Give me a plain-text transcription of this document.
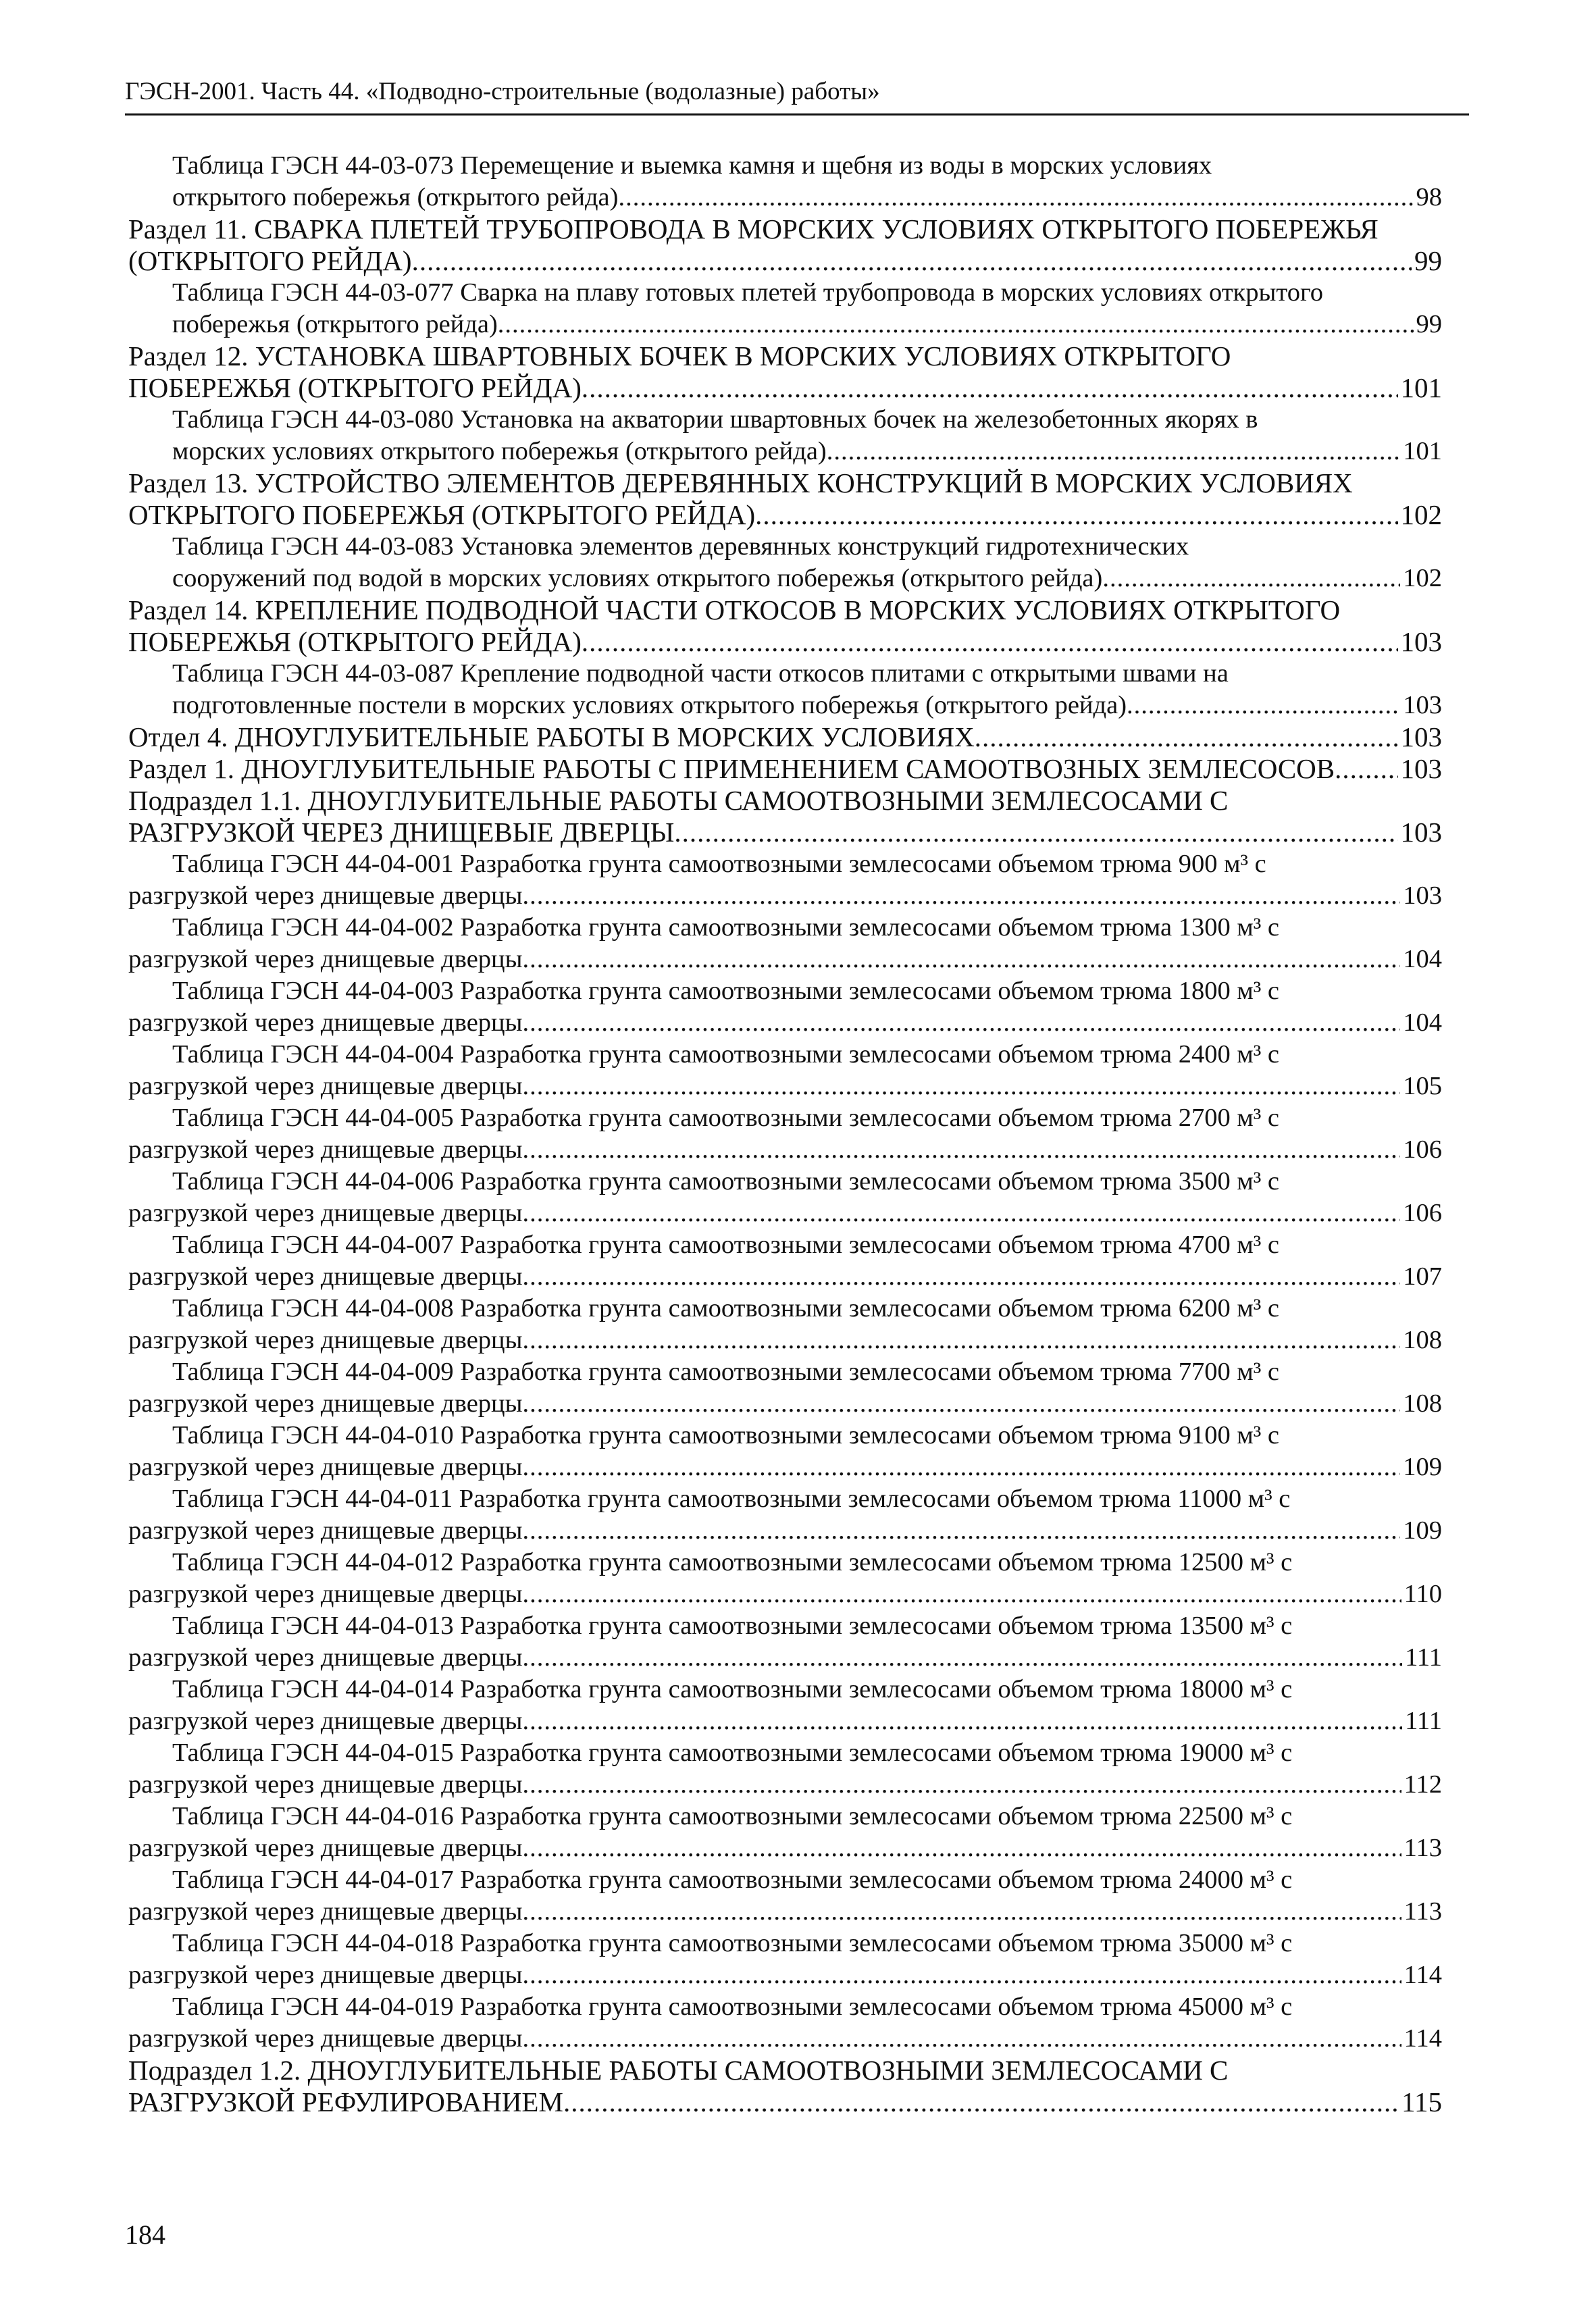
ГЭСН-2001. Часть 44. «Подводно-строительные (водолазные) работы»
Таблица ГЭСН 44-03-073 Перемещение и выемка камня и щебня из воды в морских условиях
открытого побережья (открытого рейда) .....	98
Раздел 11. СВАРКА ПЛЕТЕЙ ТРУБОПРОВОДА В МОРСКИХ УСЛОВИЯХ ОТКРЫТОГО ПОБЕРЕЖЬЯ
(ОТКРЫТОГО РЕЙДА) .....	99
Таблица ГЭСН 44-03-077 Сварка на плаву готовых плетей трубопровода в морских условиях открытого
побережья (открытого рейда) .....	99
Раздел 12. УСТАНОВКА ШВАРТОВНЫХ БОЧЕК В МОРСКИХ УСЛОВИЯХ ОТКРЫТОГО
ПОБЕРЕЖЬЯ (ОТКРЫТОГО РЕЙДА) .....	101
Таблица ГЭСН 44-03-080 Установка на акватории швартовных бочек на железобетонных якорях в
морских условиях открытого побережья (открытого рейда) .....	101
Раздел 13. УСТРОЙСТВО ЭЛЕМЕНТОВ ДЕРЕВЯННЫХ КОНСТРУКЦИЙ В МОРСКИХ УСЛОВИЯХ
ОТКРЫТОГО ПОБЕРЕЖЬЯ (ОТКРЫТОГО РЕЙДА) .....	102
Таблица ГЭСН 44-03-083 Установка элементов деревянных конструкций гидротехнических
сооружений под водой в морских условиях открытого побережья (открытого рейда) .....	102
Раздел 14. КРЕПЛЕНИЕ ПОДВОДНОЙ ЧАСТИ ОТКОСОВ В МОРСКИХ УСЛОВИЯХ ОТКРЫТОГО
ПОБЕРЕЖЬЯ (ОТКРЫТОГО РЕЙДА) .....	103
Таблица ГЭСН 44-03-087 Крепление подводной части откосов плитами с открытыми швами на
подготовленные постели в морских условиях открытого побережья (открытого рейда) .....	103
Отдел 4. ДНОУГЛУБИТЕЛЬНЫЕ РАБОТЫ В МОРСКИХ УСЛОВИЯХ .....	103
Раздел 1. ДНОУГЛУБИТЕЛЬНЫЕ РАБОТЫ С ПРИМЕНЕНИЕМ САМООТВОЗНЫХ ЗЕМЛЕСОСОВ ..... 103
Подраздел 1.1. ДНОУГЛУБИТЕЛЬНЫЕ РАБОТЫ САМООТВОЗНЫМИ ЗЕМЛЕСОСАМИ С
РАЗГРУЗКОЙ ЧЕРЕЗ ДНИЩЕВЫЕ ДВЕРЦЫ .....	103
Таблица ГЭСН 44-04-001 Разработка грунта самоотвозными землесосами объемом трюма 900 м³ с
разгрузкой через днищевые дверцы .....	103
Таблица ГЭСН 44-04-002 Разработка грунта самоотвозными землесосами объемом трюма 1300 м³ с
разгрузкой через днищевые дверцы .....	104
Таблица ГЭСН 44-04-003 Разработка грунта самоотвозными землесосами объемом трюма 1800 м³ с
разгрузкой через днищевые дверцы .....	104
Таблица ГЭСН 44-04-004 Разработка грунта самоотвозными землесосами объемом трюма 2400 м³ с
разгрузкой через днищевые дверцы .....	105
Таблица ГЭСН 44-04-005 Разработка грунта самоотвозными землесосами объемом трюма 2700 м³ с
разгрузкой через днищевые дверцы .....	106
Таблица ГЭСН 44-04-006 Разработка грунта самоотвозными землесосами объемом трюма 3500 м³ с
разгрузкой через днищевые дверцы .....	106
Таблица ГЭСН 44-04-007 Разработка грунта самоотвозными землесосами объемом трюма 4700 м³ с
разгрузкой через днищевые дверцы .....	107
Таблица ГЭСН 44-04-008 Разработка грунта самоотвозными землесосами объемом трюма 6200 м³ с
разгрузкой через днищевые дверцы .....	108
Таблица ГЭСН 44-04-009 Разработка грунта самоотвозными землесосами объемом трюма 7700 м³ с
разгрузкой через днищевые дверцы .....	108
Таблица ГЭСН 44-04-010 Разработка грунта самоотвозными землесосами объемом трюма 9100 м³ с
разгрузкой через днищевые дверцы .....	109
Таблица ГЭСН 44-04-011 Разработка грунта самоотвозными землесосами объемом трюма 11000 м³ с
разгрузкой через днищевые дверцы .....	109
Таблица ГЭСН 44-04-012 Разработка грунта самоотвозными землесосами объемом трюма 12500 м³ с
разгрузкой через днищевые дверцы .....	110
Таблица ГЭСН 44-04-013 Разработка грунта самоотвозными землесосами объемом трюма 13500 м³ с
разгрузкой через днищевые дверцы .....	111
Таблица ГЭСН 44-04-014 Разработка грунта самоотвозными землесосами объемом трюма 18000 м³ с
разгрузкой через днищевые дверцы .....	111
Таблица ГЭСН 44-04-015 Разработка грунта самоотвозными землесосами объемом трюма 19000 м³ с
разгрузкой через днищевые дверцы .....	112
Таблица ГЭСН 44-04-016 Разработка грунта самоотвозными землесосами объемом трюма 22500 м³ с
разгрузкой через днищевые дверцы .....	113
Таблица ГЭСН 44-04-017 Разработка грунта самоотвозными землесосами объемом трюма 24000 м³ с
разгрузкой через днищевые дверцы .....	113
Таблица ГЭСН 44-04-018 Разработка грунта самоотвозными землесосами объемом трюма 35000 м³ с
разгрузкой через днищевые дверцы .....	114
Таблица ГЭСН 44-04-019 Разработка грунта самоотвозными землесосами объемом трюма 45000 м³ с
разгрузкой через днищевые дверцы .....	114
Подраздел 1.2. ДНОУГЛУБИТЕЛЬНЫЕ РАБОТЫ САМООТВОЗНЫМИ ЗЕМЛЕСОСАМИ С
РАЗГРУЗКОЙ РЕФУЛИРОВАНИЕМ .....	115
184
